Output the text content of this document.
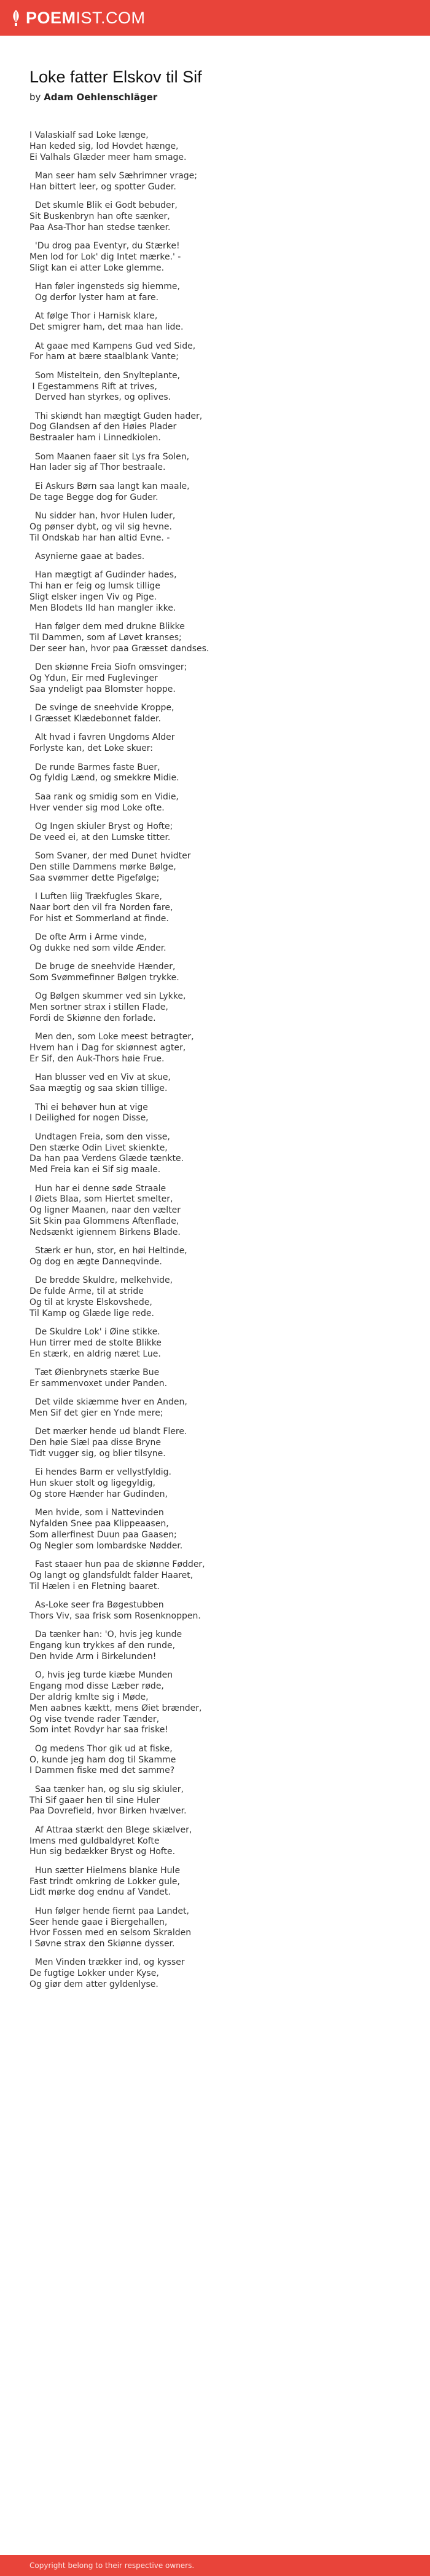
POEMIST.COM
Loke fatter Elskov til Sif
by Adam Oehlenschläger
I Valaskialf sad Loke længe,
Han keded sig, lod Hovdet hænge,
Ei Valhals Glæder meer ham smage.
Man seer ham selv Sæhrimner vrage;
Han bittert leer, og spotter Guder.
Det skumle Blik ei Godt bebuder,
Sit Buskenbryn han ofte sænker,
Paa Asa-Thor han stedse tænker.
'Du drog paa Eventyr, du Stærke!
Men lod for Lok' dig Intet mærke.' -
Sligt kan ei atter Loke glemme.
Han føler ingensteds sig hiemme,
Og derfor lyster ham at fare.
At følge Thor i Harnisk klare,
Det smigrer ham, det maa han lide.
At gaae med Kampens Gud ved Side,
For ham at bære staalblank Vante;
Som Misteltein, den Snylteplante,
I Egestammens Rift at trives,
Derved han styrkes, og oplives.
Thi skiøndt han mægtigt Guden hader,
Dog Glandsen af den Høies Plader
Bestraaler ham i Linnedkiolen.
Som Maanen faaer sit Lys fra Solen,
Han lader sig af Thor bestraale.
Ei Askurs Børn saa langt kan maale,
De tage Begge dog for Guder.
Nu sidder han, hvor Hulen luder,
Og pønser dybt, og vil sig hevne.
Til Ondskab har han altid Evne. -
Asynierne gaae at bades.
Han mægtigt af Gudinder hades,
Thi han er feig og lumsk tillige
Sligt elsker ingen Viv og Pige.
Men Blodets Ild han mangler ikke.
Han følger dem med drukne Blikke
Til Dammen, som af Løvet kranses;
Der seer han, hvor paa Græsset dandses.
Den skiønne Freia Siofn omsvinger;
Og Ydun, Eir med Fuglevinger
Saa yndeligt paa Blomster hoppe.
De svinge de sneehvide Kroppe,
I Græsset Klædebonnet falder.
Alt hvad i favren Ungdoms Alder
Forlyste kan, det Loke skuer:
De runde Barmes faste Buer,
Og fyldig Lænd, og smekkre Midie.
Saa rank og smidig som en Vidie,
Hver vender sig mod Loke ofte.
Og Ingen skiuler Bryst og Hofte;
De veed ei, at den Lumske titter.
Som Svaner, der med Dunet hvidter
Den stille Dammens mørke Bølge,
Saa svømmer dette Pigefølge;
I Luften liig Trækfugles Skare,
Naar bort den vil fra Norden fare,
For hist et Sommerland at finde.
De ofte Arm i Arme vinde,
Og dukke ned som vilde Ænder.
De bruge de sneehvide Hænder,
Som Svømmefinner Bølgen trykke.
Og Bølgen skummer ved sin Lykke,
Men sortner strax i stillen Flade,
Fordi de Skiønne den forlade.
Men den, som Loke meest betragter,
Hvem han i Dag for skiønnest agter,
Er Sif, den Auk-Thors høie Frue.
Han blusser ved en Viv at skue,
Saa mægtig og saa skiøn tillige.
Thi ei behøver hun at vige
I Deilighed for nogen Disse,
Undtagen Freia, som den visse,
Den stærke Odin Livet skienkte,
Da han paa Verdens Glæde tænkte.
Med Freia kan ei Sif sig maale.
Hun har ei denne søde Straale
I Øiets Blaa, som Hiertet smelter,
Og ligner Maanen, naar den vælter
Sit Skin paa Glommens Aftenflade,
Nedsænkt igiennem Birkens Blade.
Stærk er hun, stor, en høi Heltinde,
Og dog en ægte Danneqvinde.
De bredde Skuldre, melkehvide,
De fulde Arme, til at stride
Og til at kryste Elskovshede,
Til Kamp og Glæde lige rede.
De Skuldre Lok' i Øine stikke.
Hun tirrer med de stolte Blikke
En stærk, en aldrig næret Lue.
Tæt Øienbrynets stærke Bue
Er sammenvoxet under Panden.
Det vilde skiæmme hver en Anden,
Men Sif det gier en Ynde mere;
Det mærker hende ud blandt Flere.
Den høie Siæl paa disse Bryne
Tidt vugger sig, og blier tilsyne.
Ei hendes Barm er vellystfyldig.
Hun skuer stolt og ligegyldig,
Og store Hænder har Gudinden,
Men hvide, som i Nattevinden
Nyfalden Snee paa Klippeaasen,
Som allerfinest Duun paa Gaasen;
Og Negler som lombardske Nødder.
Fast staaer hun paa de skiønne Fødder,
Og langt og glandsfuldt falder Haaret,
Til Hælen i en Fletning baaret.
As-Loke seer fra Bøgestubben
Thors Viv, saa frisk som Rosenknoppen.
Da tænker han: 'O, hvis jeg kunde
Engang kun trykkes af den runde,
Den hvide Arm i Birkelunden!
O, hvis jeg turde kiæbe Munden
Engang mod disse Læber røde,
Der aldrig kmlte sig i Møde,
Men aabnes kæktt, mens Øiet brænder,
Og vise tvende rader Tænder,
Som intet Rovdyr har saa friske!
Og medens Thor gik ud at fiske,
O, kunde jeg ham dog til Skamme
I Dammen fiske med det samme?
Saa tænker han, og slu sig skiuler,
Thi Sif gaaer hen til sine Huler
Paa Dovrefield, hvor Birken hvælver.
Af Attraa stærkt den Blege skiælver,
Imens med guldbaldyret Kofte
Hun sig bedækker Bryst og Hofte.
Hun sætter Hielmens blanke Hule
Fast trindt omkring de Lokker gule,
Lidt mørke dog endnu af Vandet.
Hun følger hende fiernt paa Landet,
Seer hende gaae i Biergehallen,
Hvor Fossen med en selsom Skralden
I Søvne strax den Skiønne dysser.
Men Vinden trækker ind, og kysser
De fugtige Lokker under Kyse,
Og giør dem atter gyldenlyse.
Copyright belong to their respective owners.
